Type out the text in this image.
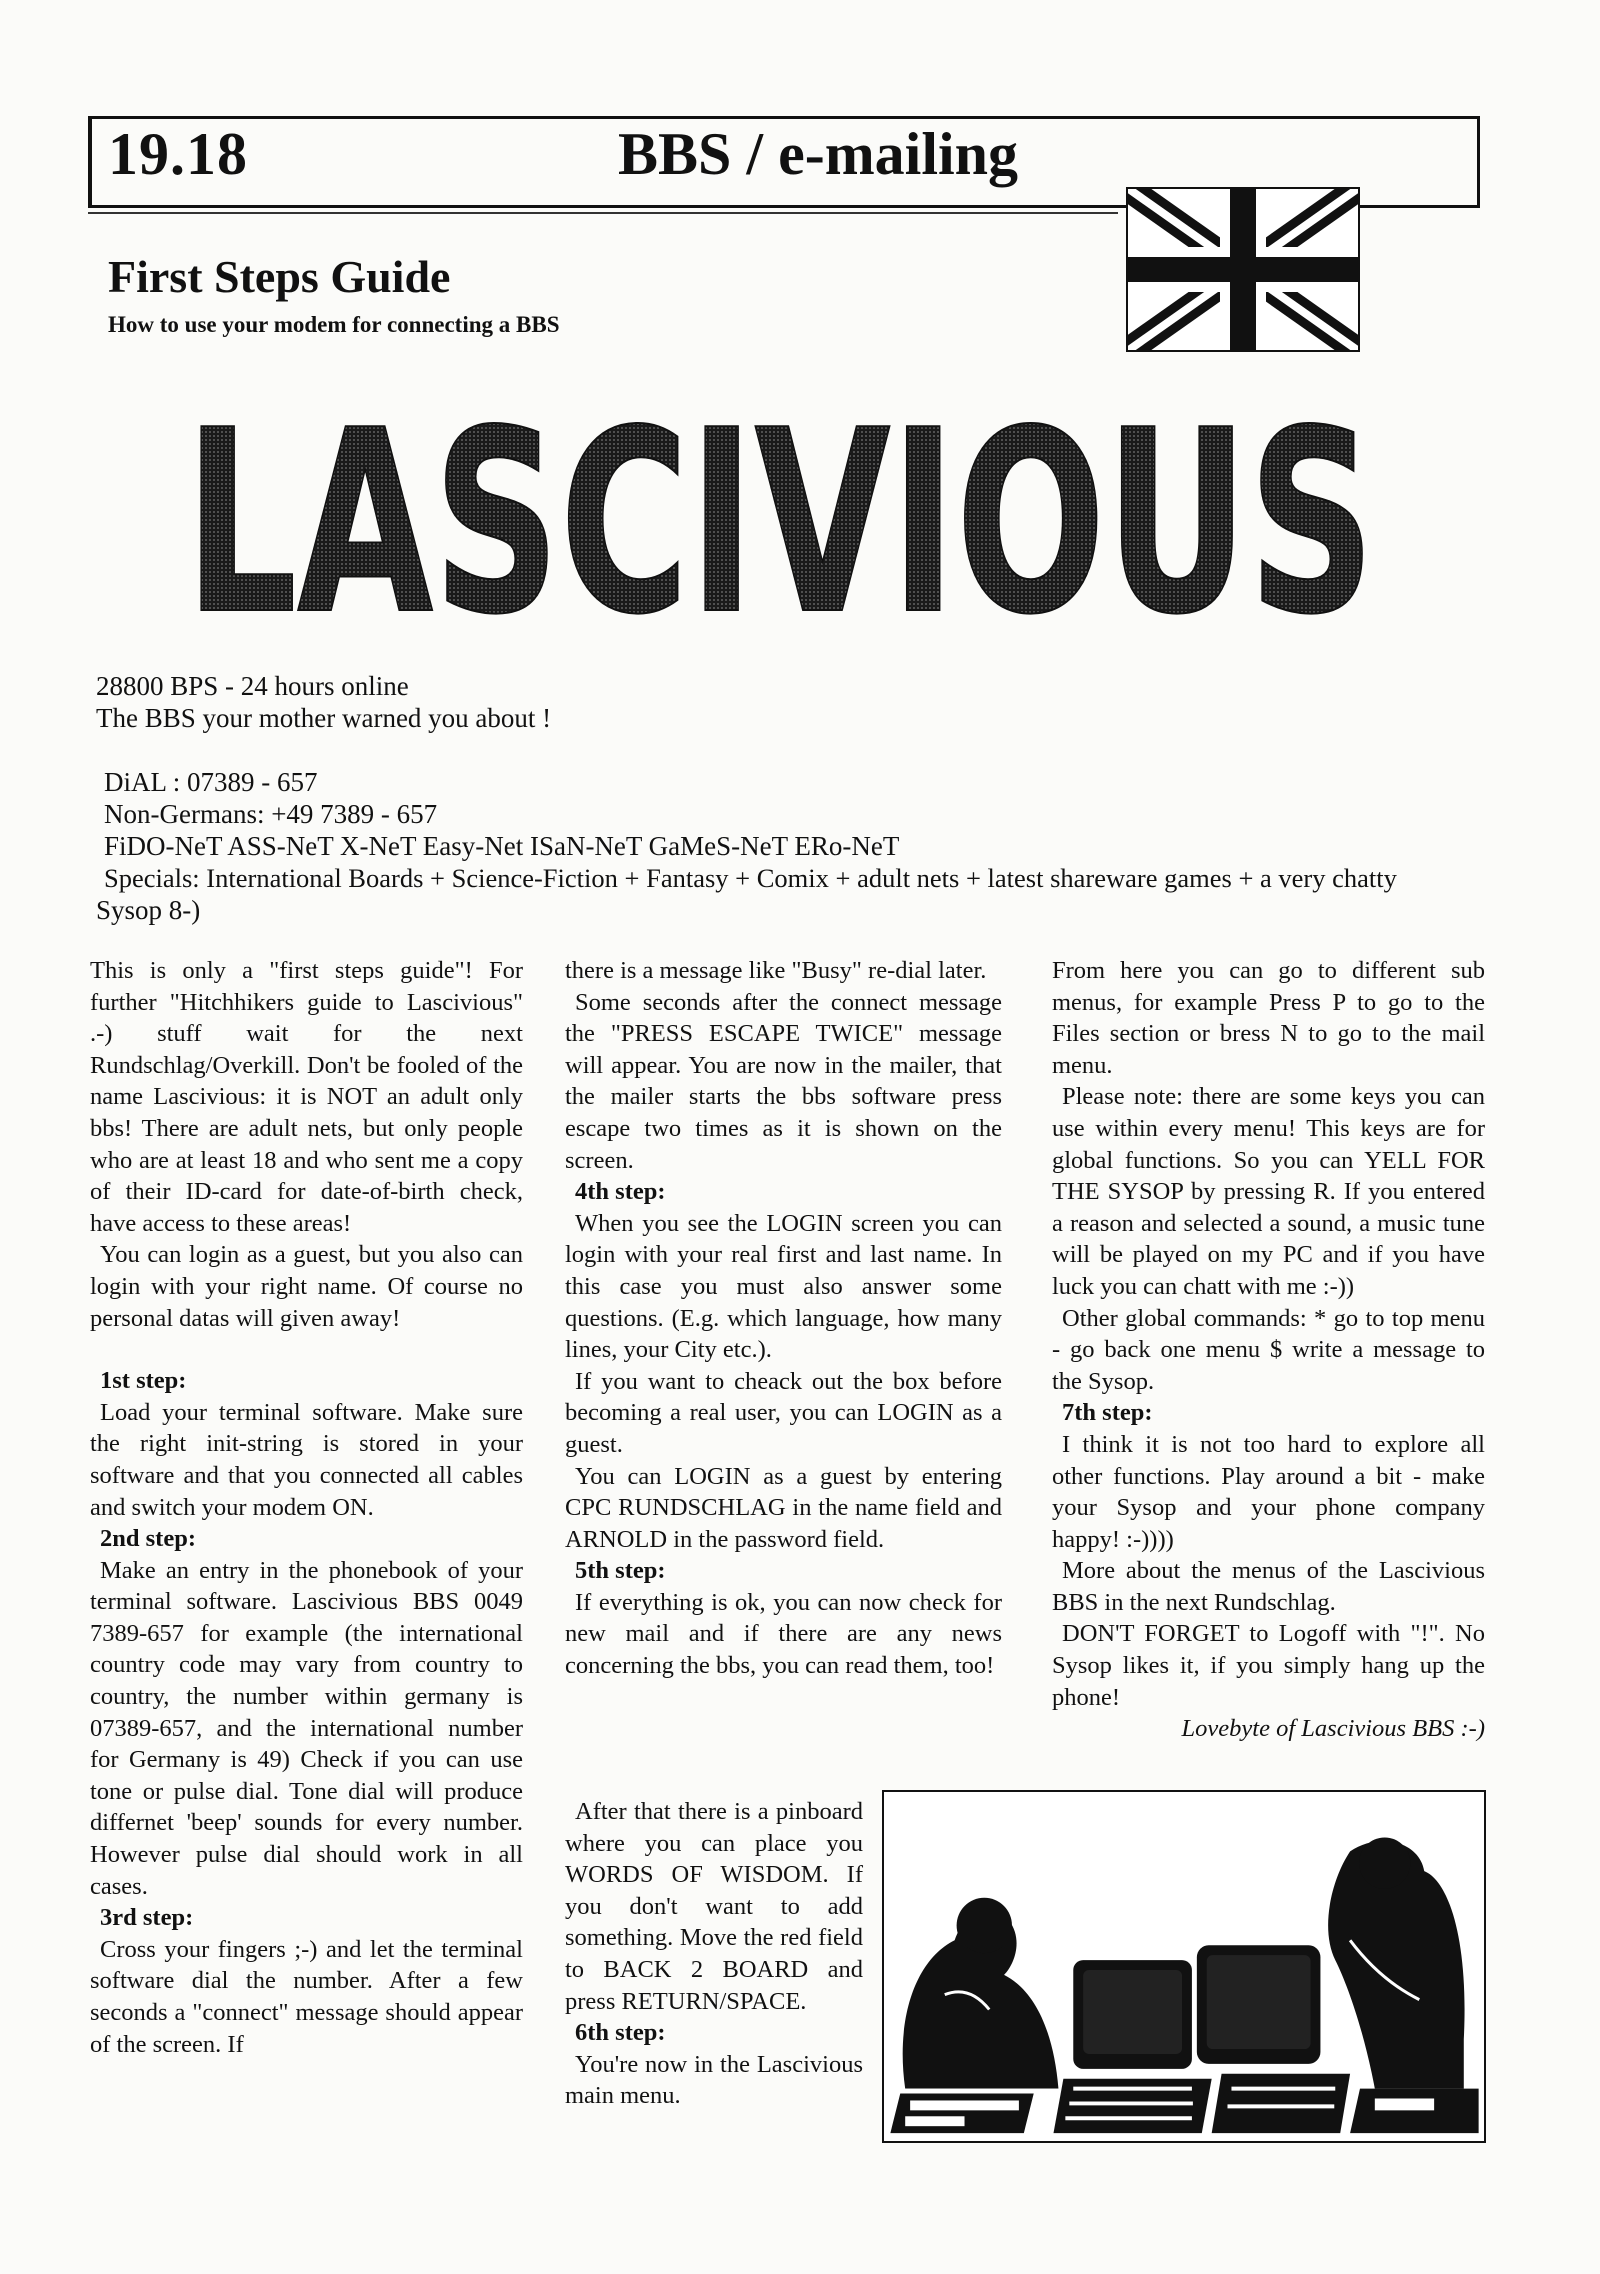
19.18	BBS / e-mailing
First Steps Guide
How to use your modem for connecting a BBS
LASCIVIOUS
28800 BPS - 24 hours online
The BBS your mother warned you about !
DiAL : 07389 - 657
Non-Germans: +49 7389 - 657
FiDO-NeT ASS-NeT X-NeT Easy-Net ISaN-NeT GaMeS-NeT ERo-NeT
Specials: International Boards + Science-Fiction + Fantasy + Comix + adult nets + latest shareware games + a very chatty
Sysop 8-)

This is only a "first steps guide"! For further "Hitchhikers guide to Lascivious" .-) stuff wait for the next Rundschlag/Overkill. Don't be fooled of the name Lascivious: it is NOT an adult only bbs! There are adult nets, but only people who are at least 18 and who sent me a copy of their ID-card for date-of-birth check, have access to these areas!

You can login as a guest, but you also can login with your right name. Of course no personal datas will given away!

1st step:

Load your terminal software. Make sure the right init-string is stored in your software and that you connected all cables and switch your modem ON.

2nd step:

Make an entry in the phonebook of your terminal software. Lascivious BBS 0049 7389-657 for example (the international country code may vary from country to country, the number within germany is 07389-657, and the international number for Germany is 49) Check if you can use tone or pulse dial. Tone dial will produce differnet 'beep' sounds for every number. However pulse dial should work in all cases.

3rd step:

Cross your fingers ;-) and let the terminal software dial the number. After a few seconds a "connect" message should appear of the screen. If

there is a message like "Busy" re-dial later.

Some seconds after the connect message the "PRESS ESCAPE TWICE" message will appear. You are now in the mailer, that the mailer starts the bbs software press escape two times as it is shown on the screen.

4th step:

When you see the LOGIN screen you can login with your real first and last name. In this case you must also answer some questions. (E.g. which language, how many lines, your City etc.).

If you want to cheack out the box before becoming a real user, you can LOGIN as a guest.

You can LOGIN as a guest by entering CPC RUNDSCHLAG in the name field and ARNOLD in the password field.

5th step:

If everything is ok, you can now check for new mail and if there are any news concerning the bbs, you can read them, too!

After that there is a pinboard where you can place you WORDS OF WISDOM. If you don't want to add something. Move the red field to BACK 2 BOARD and press RETURN/SPACE.

6th step:

You're now in the Lascivious main menu.

From here you can go to different sub menus, for example Press P to go to the Files section or bress N to go to the mail menu.

Please note: there are some keys you can use within every menu! This keys are for global functions. So you can YELL FOR THE SYSOP by pressing R. If you entered a reason and selected a sound, a music tune will be played on my PC and if you have luck you can chatt with me :-))

Other global commands: * go to top menu - go back one menu $ write a message to the Sysop.

7th step:

I think it is not too hard to explore all other functions. Play around a bit - make your Sysop and your phone company happy! :-))))

More about the menus of the Lascivious BBS in the next Rundschlag.

DON'T FORGET to Logoff with "!". No Sysop likes it, if you simply hang up the phone!

Lovebyte of Lascivious BBS :-)
